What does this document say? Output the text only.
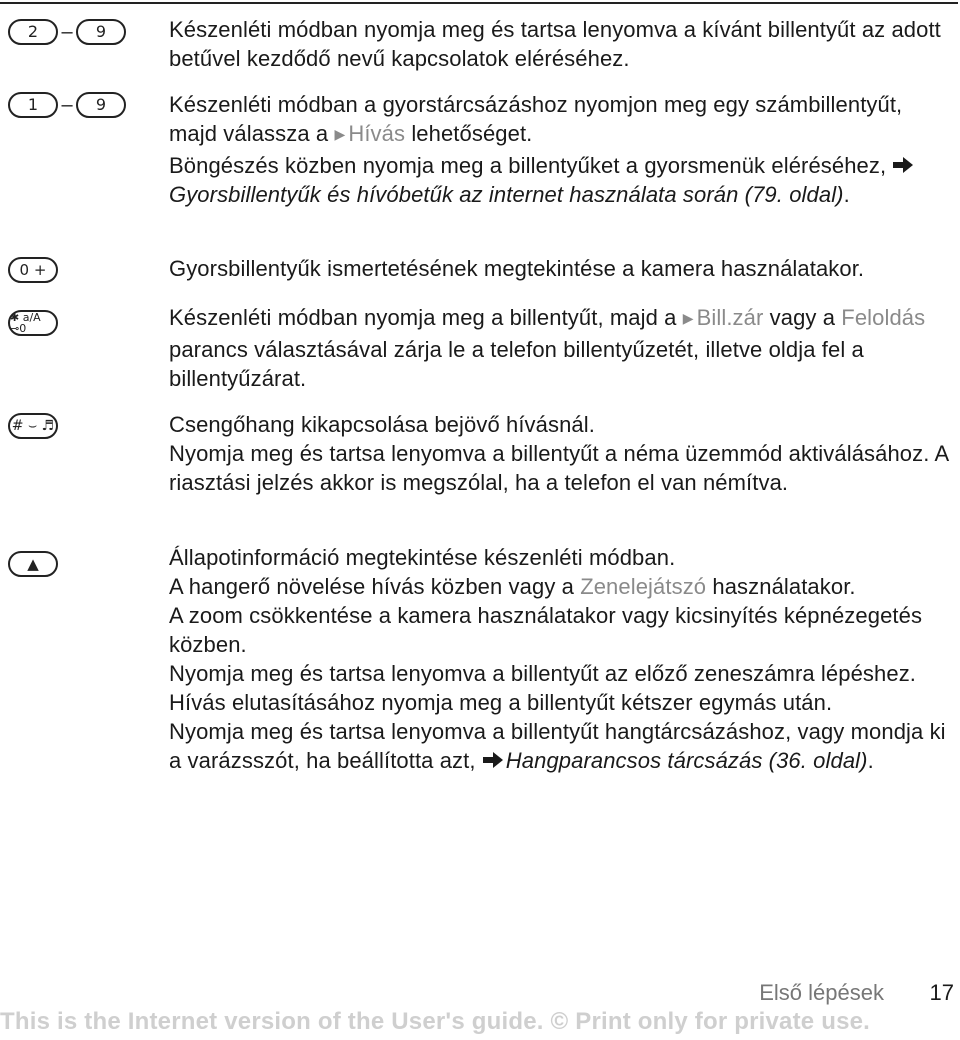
2	–	9	Készenléti módban nyomja meg és tartsa lenyomva a kívánt billentyűt az adott betűvel kezdődő nevű kapcsolatok eléréséhez.

1	–	9	Készenléti módban a gyorstárcsázáshoz nyomjon meg egy számbillentyűt, majd válassza a ▶ Hívás lehetőséget.

Böngészés közben nyomja meg a billentyűket a gyorsmenük eléréséhez, Gyorsbillentyűk és hívóbetűk az internet használata során (79. oldal).

0 +	Gyorsbillentyűk ismertetésének megtekintése a kamera használatakor.

✱ a/A ⊸0	Készenléti módban nyomja meg a billentyűt, majd a ▶ Bill.zár vagy a Feloldás parancs választásával zárja le a telefon billentyűzetét, illetve oldja fel a billentyűzárat.

# ⌣ ♬	Csengőhang kikapcsolása bejövő hívásnál.

Nyomja meg és tartsa lenyomva a billentyűt a néma üzemmód aktiválásához. A riasztási jelzés akkor is megszólal, ha a telefon el van némítva.

▲	Állapotinformáció megtekintése készenléti módban.

A hangerő növelése hívás közben vagy a Zenelejátszó használatakor.

A zoom csökkentése a kamera használatakor vagy kicsinyítés képnézegetés közben.

Nyomja meg és tartsa lenyomva a billentyűt az előző zeneszámra lépéshez.

Hívás elutasításához nyomja meg a billentyűt kétszer egymás után.

Nyomja meg és tartsa lenyomva a billentyűt hangtárcsázáshoz, vagy mondja ki a varázsszót, ha beállította azt, Hangparancsos tárcsázás (36. oldal).

Első lépések 17
This is the Internet version of the User's guide. © Print only for private use.
